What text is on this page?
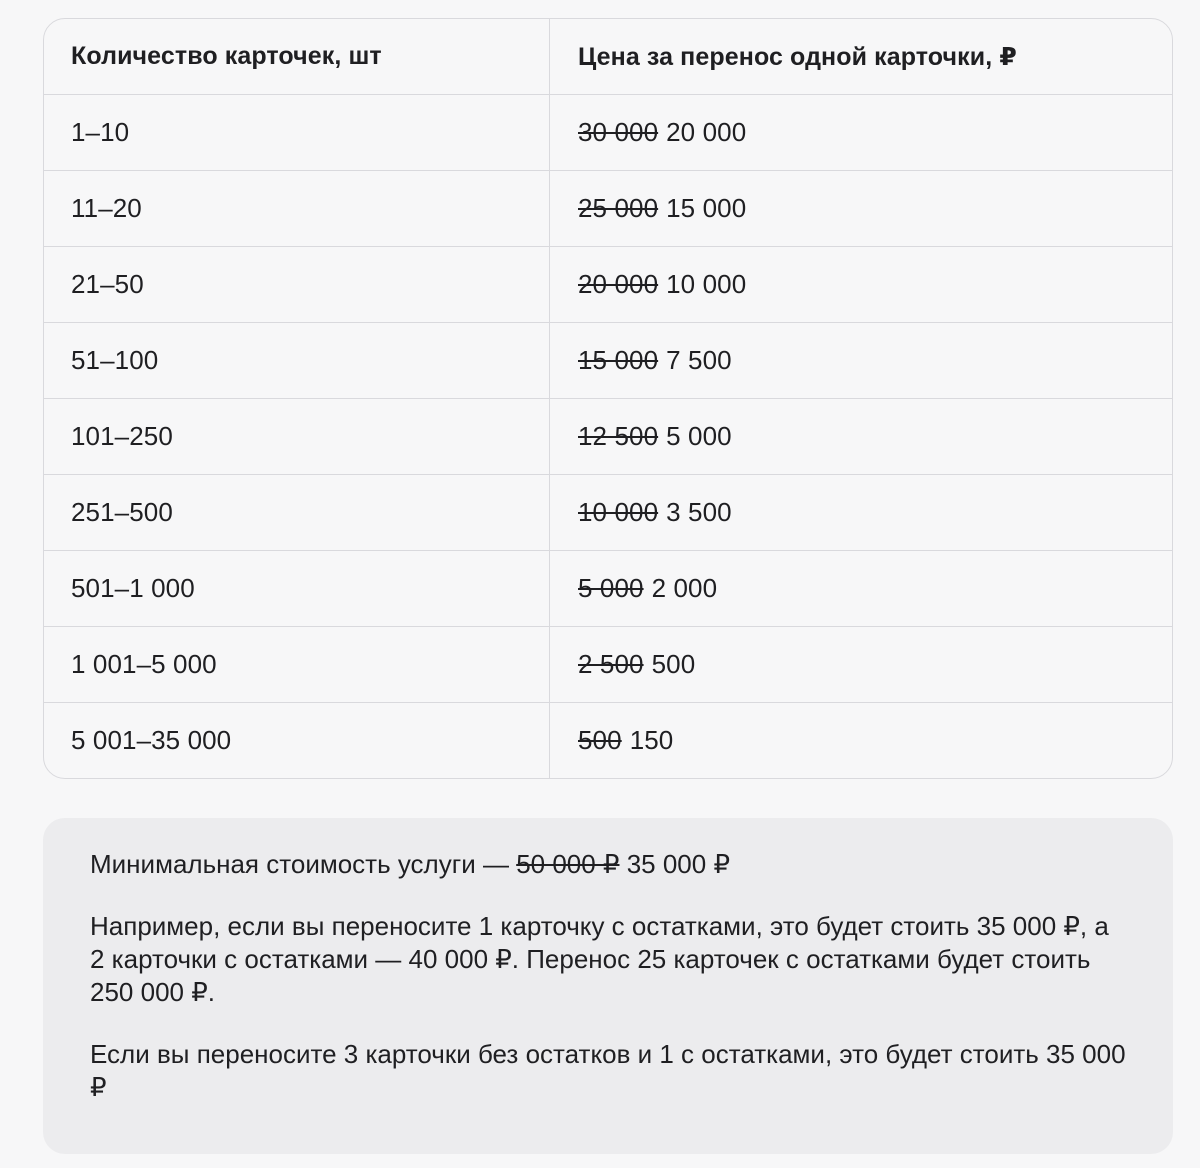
Количество карточек, шт	Цена за перенос одной карточки, ₽
1–10	30 000 20 000
11–20	25 000 15 000
21–50	20 000 10 000
51–100	15 000 7 500
101–250	12 500 5 000
251–500	10 000 3 500
501–1 000	5 000 2 000
1 001–5 000	2 500 500
5 001–35 000	500 150

Минимальная стоимость услуги — 50 000 ₽ 35 000 ₽

Например, если вы переносите 1 карточку с остатками, это будет стоить 35 000 ₽, а 2 карточки с остатками — 40 000 ₽. Перенос 25 карточек с остатками будет стоить 250 000 ₽.

Если вы переносите 3 карточки без остатков и 1 с остатками, это будет стоить 35 000 ₽
